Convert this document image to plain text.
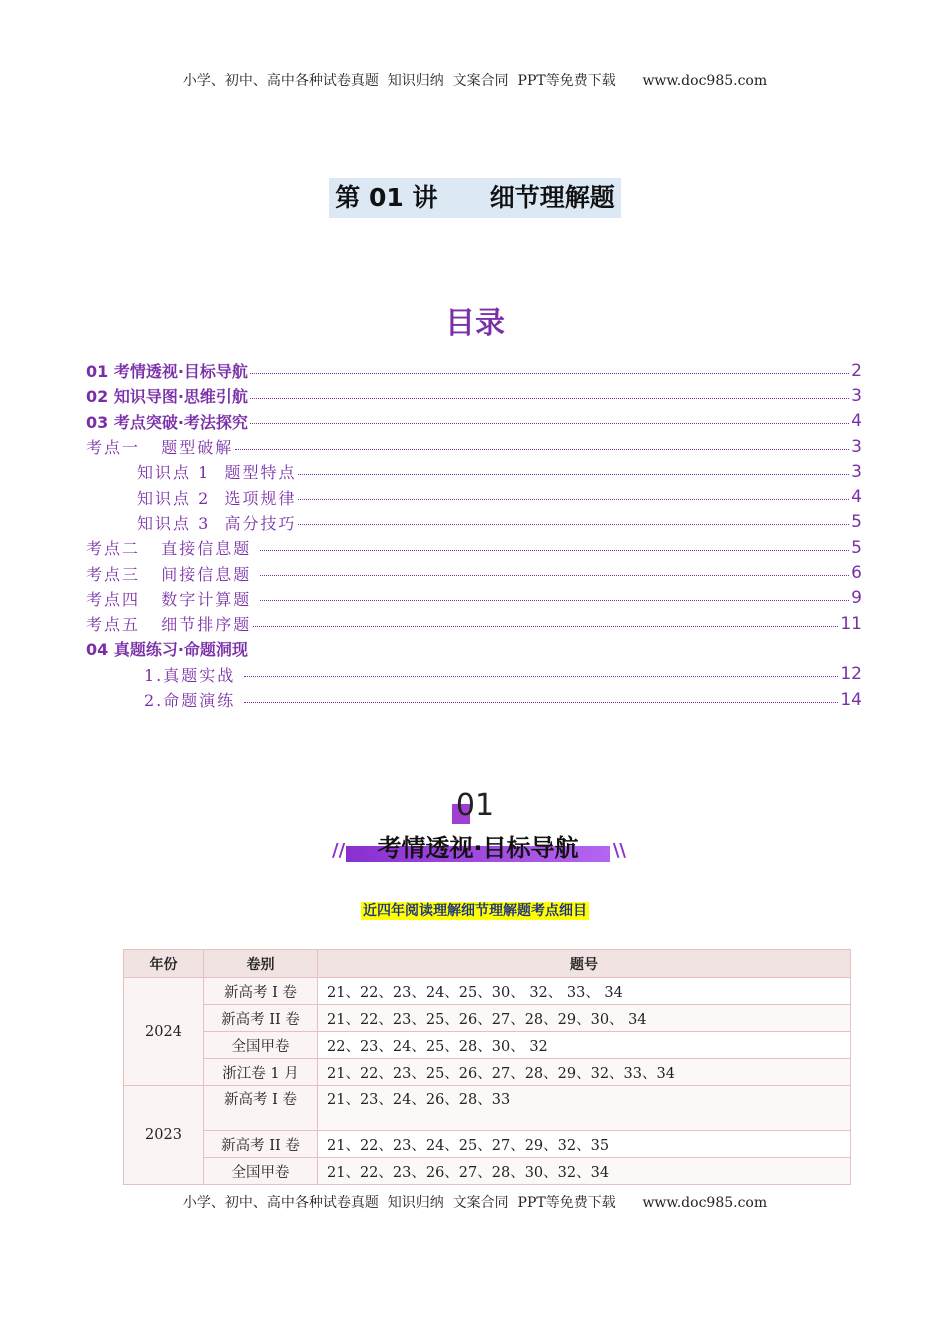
小学、初中、高中各种试卷真题  知识归纳  文案合同  PPT等免费下载      www.doc985.com
第 01 讲      细节理解题
目录
01 考情透视·目标导航	2
02 知识导图·思维引航	3
03 考点突破·考法探究	4
考点一   题型破解	3
知识点 1  题型特点	3
知识点 2  选项规律	4
知识点 3  高分技巧	5
考点二   直接信息题	5
考点三   间接信息题	6
考点四   数字计算题	9
考点五   细节排序题	11
04 真题练习·命题洞现
1.真题实战	12
2.命题演练	14
01
//	考情透视·目标导航	\\
近四年阅读理解细节理解题考点细目
年份	卷别	题号
2024	新高考 I 卷	21、22、23、24、25、30、 32、 33、 34
	新高考 II 卷	21、22、23、25、26、27、28、29、30、 34
	全国甲卷	22、23、24、25、28、30、 32
	浙江卷 1 月	21、22、23、25、26、27、28、29、32、33、34
2023	新高考 I 卷	21、23、24、26、28、33
	新高考 II 卷	21、22、23、24、25、27、29、32、35
	全国甲卷	21、22、23、26、27、28、30、32、34
小学、初中、高中各种试卷真题  知识归纳  文案合同  PPT等免费下载      www.doc985.com
